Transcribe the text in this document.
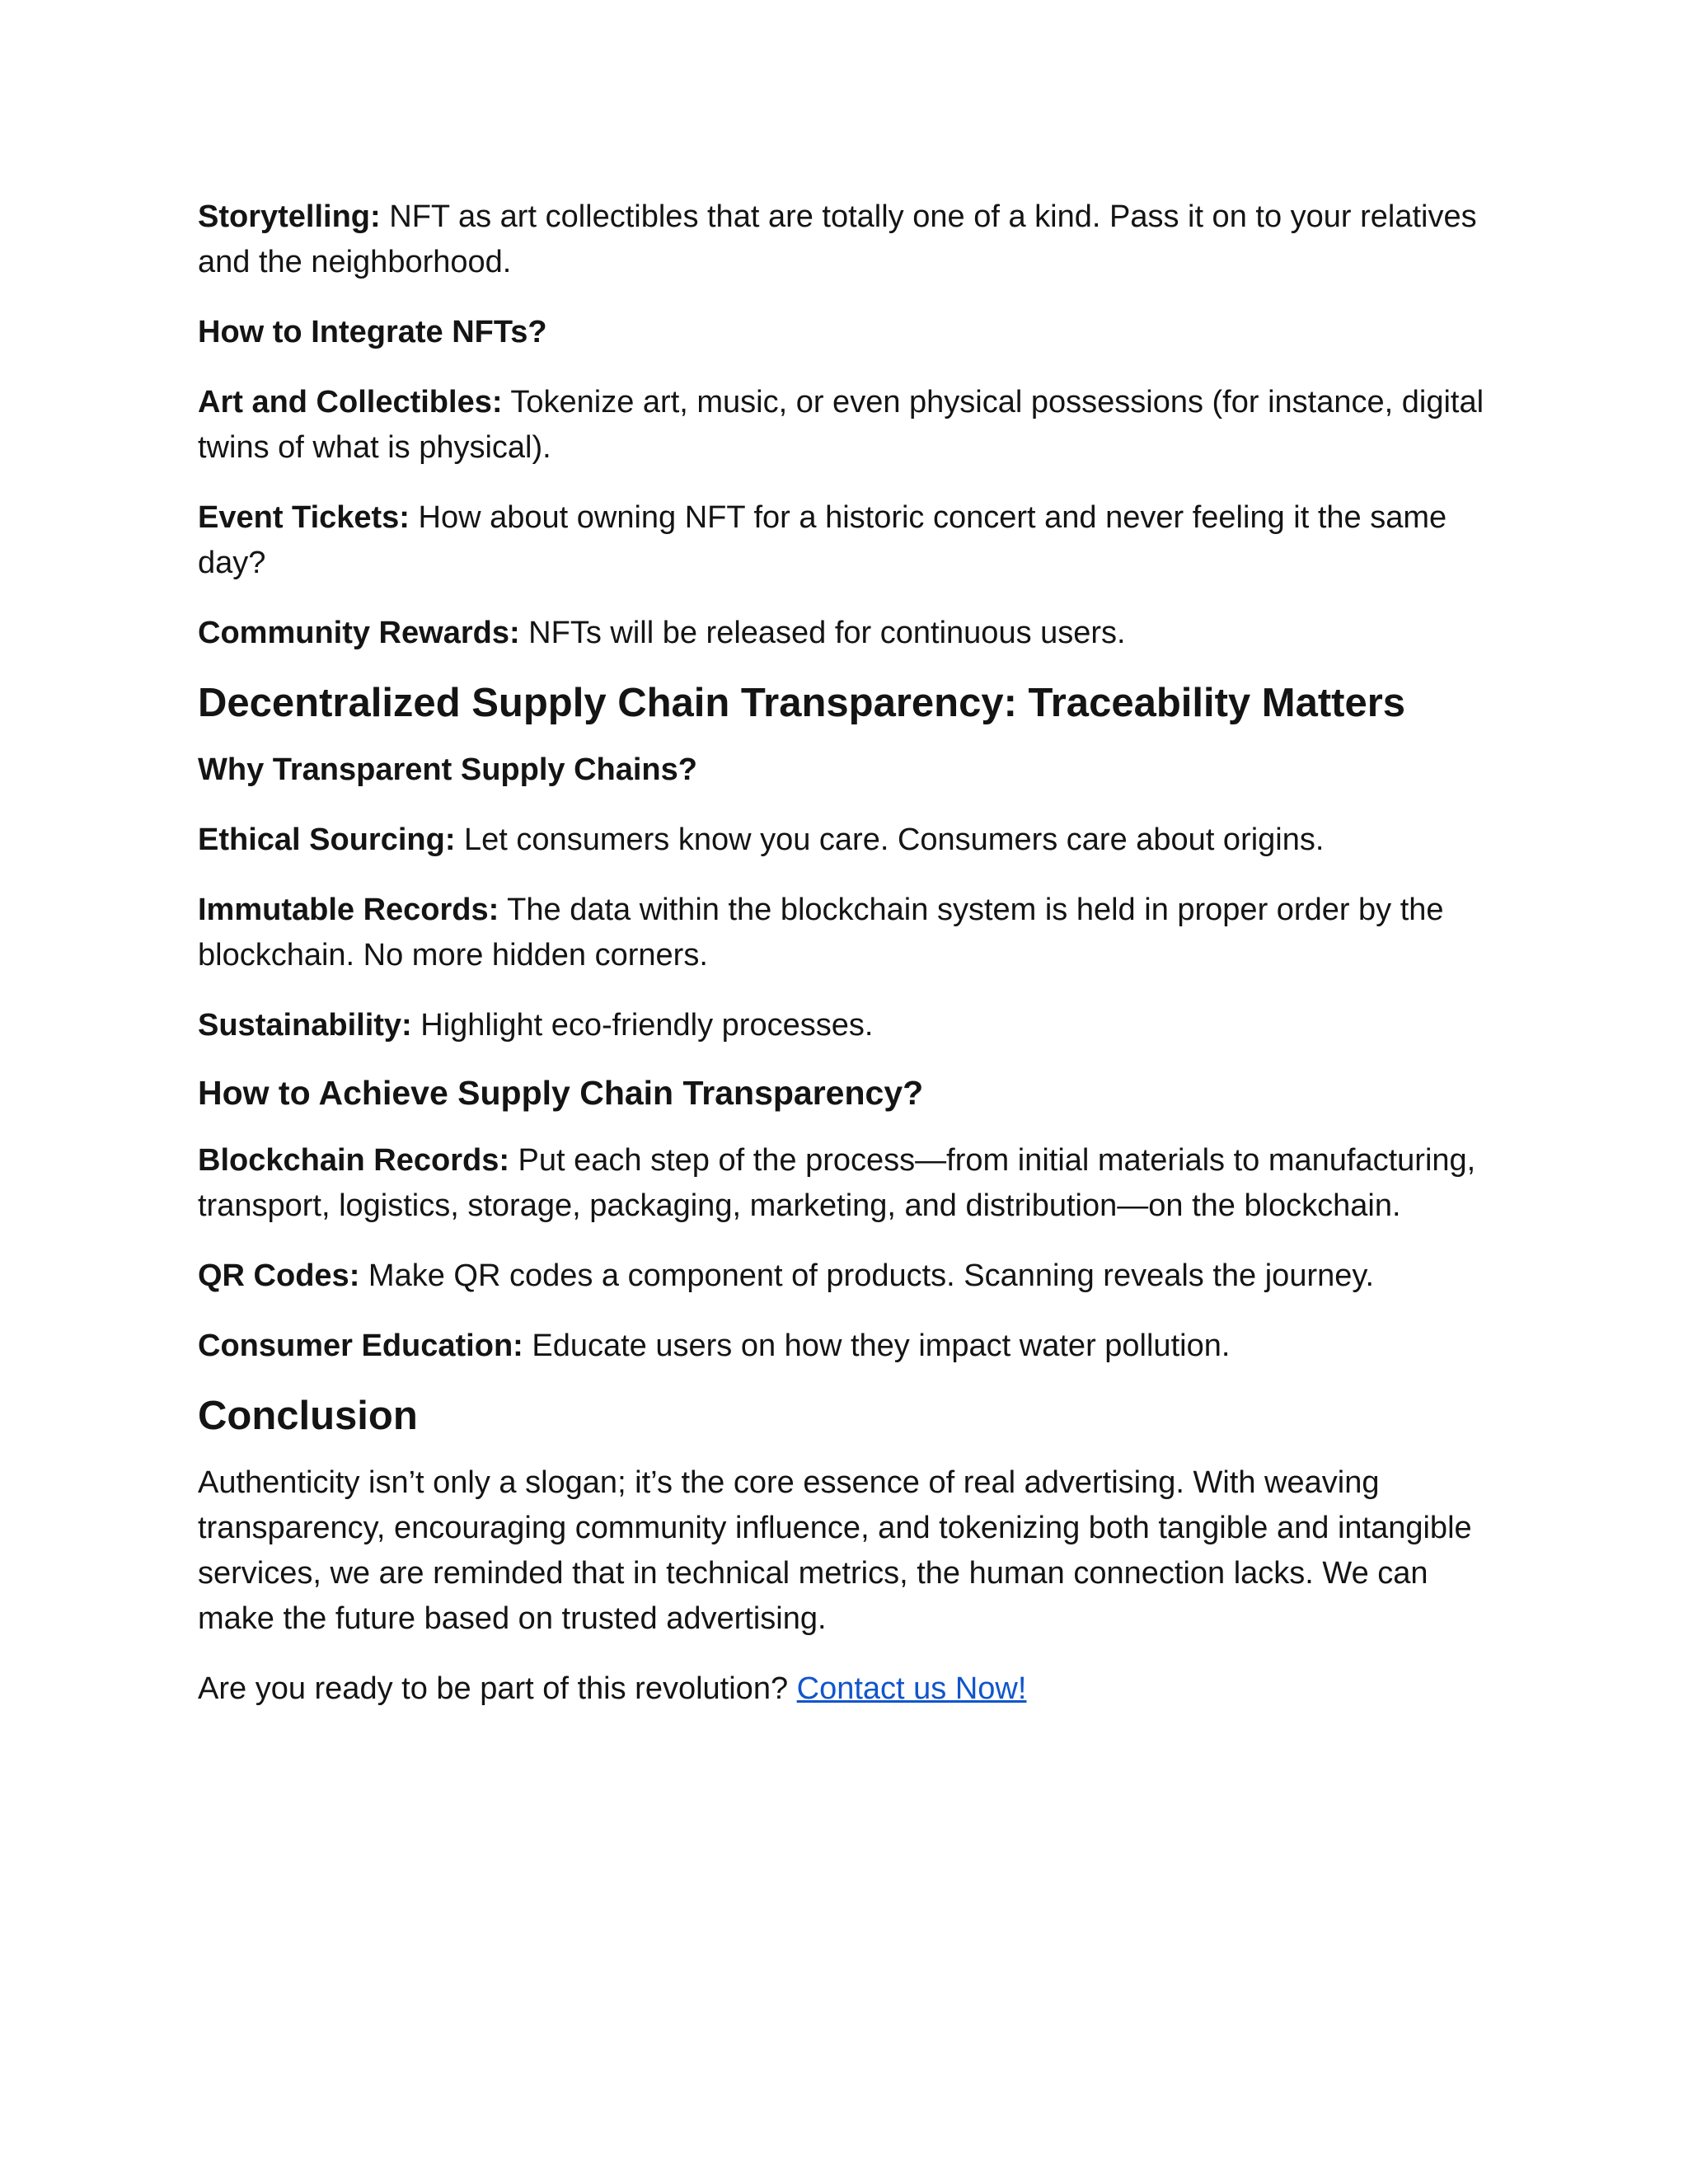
Storytelling: NFT as art collectibles that are totally one of a kind. Pass it on to your relatives and the neighborhood.

How to Integrate NFTs?

Art and Collectibles: Tokenize art, music, or even physical possessions (for instance, digital twins of what is physical).

Event Tickets: How about owning NFT for a historic concert and never feeling it the same day?

Community Rewards: NFTs will be released for continuous users.

Decentralized Supply Chain Transparency: Traceability Matters
Why Transparent Supply Chains?

Ethical Sourcing: Let consumers know you care. Consumers care about origins.

Immutable Records: The data within the blockchain system is held in proper order by the blockchain. No more hidden corners.

Sustainability: Highlight eco-friendly processes.

How to Achieve Supply Chain Transparency?

Blockchain Records: Put each step of the process—from initial materials to manufacturing, transport, logistics, storage, packaging, marketing, and distribution—on the blockchain.

QR Codes: Make QR codes a component of products. Scanning reveals the journey.

Consumer Education: Educate users on how they impact water pollution.

Conclusion

Authenticity isn’t only a slogan; it’s the core essence of real advertising. With weaving transparency, encouraging community influence, and tokenizing both tangible and intangible services, we are reminded that in technical metrics, the human connection lacks. We can make the future based on trusted advertising.

Are you ready to be part of this revolution? Contact us Now!
